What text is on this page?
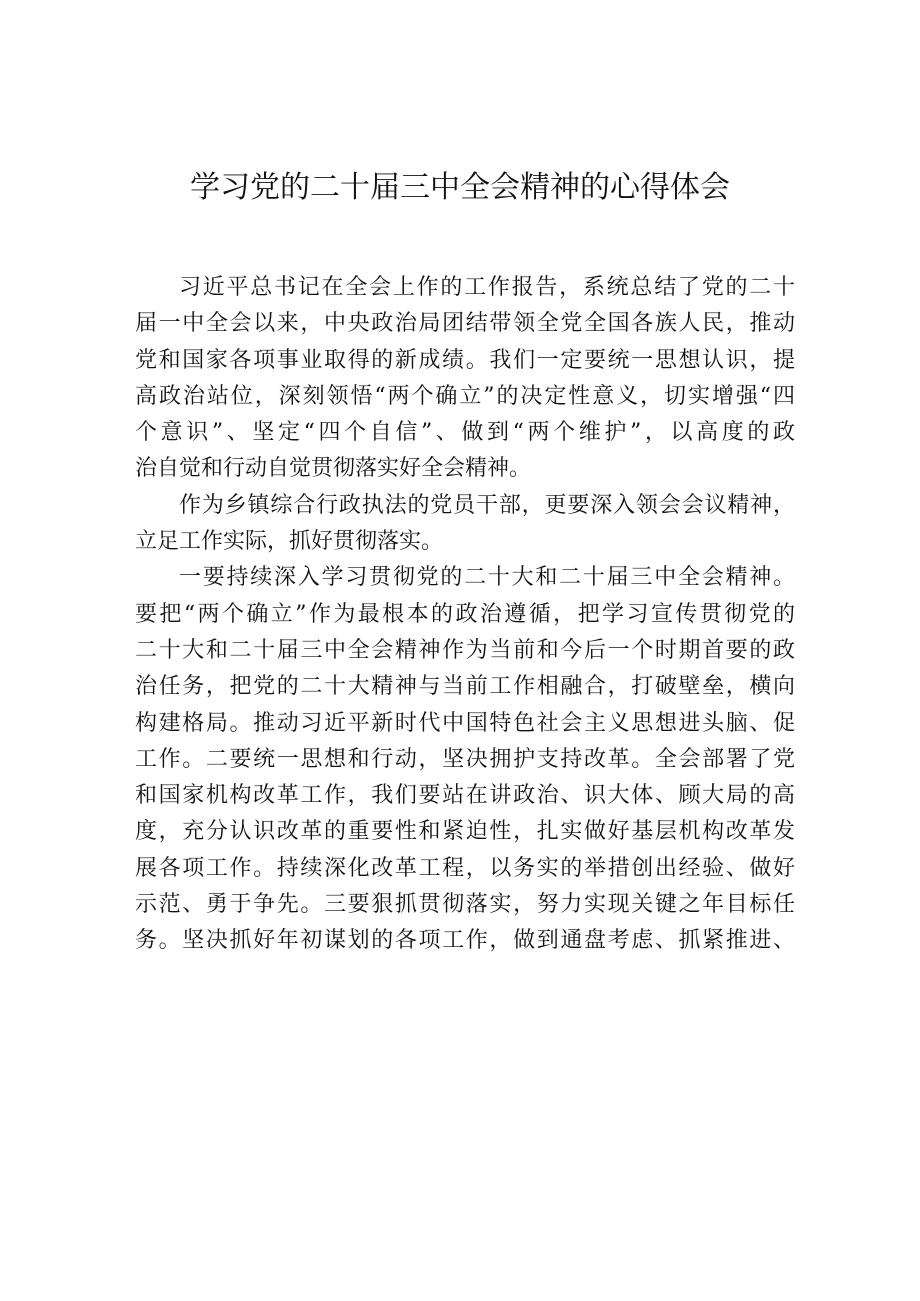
学习党的二十届三中全会精神的心得体会
习近平总书记在全会上作的工作报告，系统总结了党的二十
届一中全会以来，中央政治局团结带领全党全国各族人民，推动
党和国家各项事业取得的新成绩。我们一定要统一思想认识，提
高政治站位，深刻领悟“两个确立”的决定性意义，切实增强“四
个意识”、坚定“四个自信”、做到“两个维护”，以高度的政
治自觉和行动自觉贯彻落实好全会精神。
作为乡镇综合行政执法的党员干部，更要深入领会会议精神，
立足工作实际，抓好贯彻落实。
一要持续深入学习贯彻党的二十大和二十届三中全会精神。
要把“两个确立”作为最根本的政治遵循，把学习宣传贯彻党的
二十大和二十届三中全会精神作为当前和今后一个时期首要的政
治任务，把党的二十大精神与当前工作相融合，打破壁垒，横向
构建格局。推动习近平新时代中国特色社会主义思想进头脑、促
工作。二要统一思想和行动，坚决拥护支持改革。全会部署了党
和国家机构改革工作，我们要站在讲政治、识大体、顾大局的高
度，充分认识改革的重要性和紧迫性，扎实做好基层机构改革发
展各项工作。持续深化改革工程，以务实的举措创出经验、做好
示范、勇于争先。三要狠抓贯彻落实，努力实现关键之年目标任
务。坚决抓好年初谋划的各项工作，做到通盘考虑、抓紧推进、
